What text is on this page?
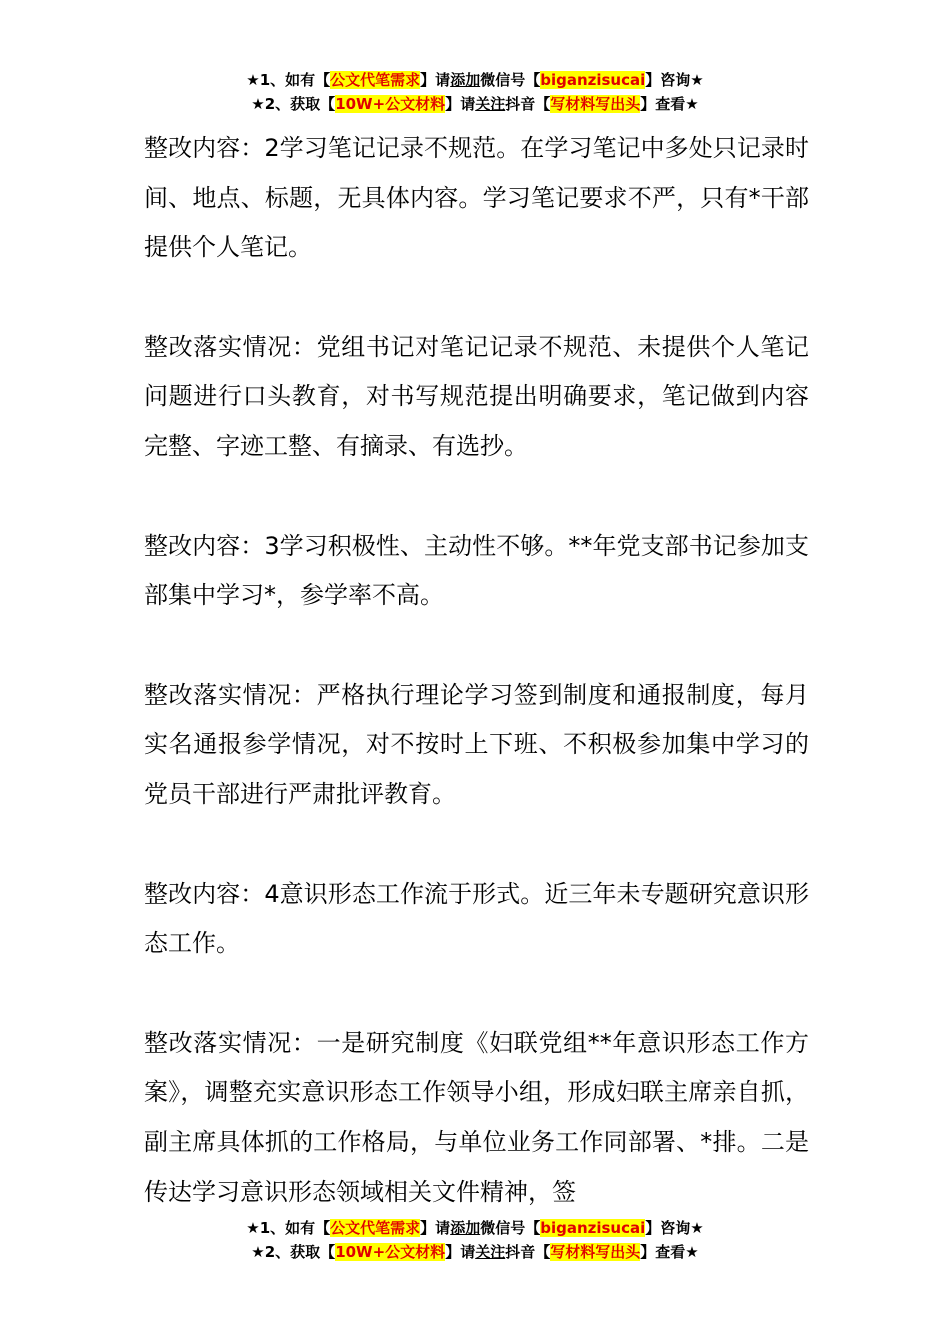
★1、如有【公文代笔需求】请添加微信号【biganzisucai】咨询★
★2、获取【10W+公文材料】请关注抖音【写材料写出头】查看★

整改内容：2学习笔记记录不规范。在学习笔记中多处只记录时间、地点、标题，无具体内容。学习笔记要求不严，只有*干部提供个人笔记。

整改落实情况：党组书记对笔记记录不规范、未提供个人笔记问题进行口头教育，对书写规范提出明确要求，笔记做到内容完整、字迹工整、有摘录、有选抄。

整改内容：3学习积极性、主动性不够。**年党支部书记参加支部集中学习*，参学率不高。

整改落实情况：严格执行理论学习签到制度和通报制度，每月实名通报参学情况，对不按时上下班、不积极参加集中学习的党员干部进行严肃批评教育。

整改内容：4意识形态工作流于形式。近三年未专题研究意识形态工作。

整改落实情况：一是研究制度《妇联党组**年意识形态工作方案》，调整充实意识形态工作领导小组，形成妇联主席亲自抓，副主席具体抓的工作格局，与单位业务工作同部署、*排。二是传达学习意识形态领域相关文件精神，签

★1、如有【公文代笔需求】请添加微信号【biganzisucai】咨询★
★2、获取【10W+公文材料】请关注抖音【写材料写出头】查看★
